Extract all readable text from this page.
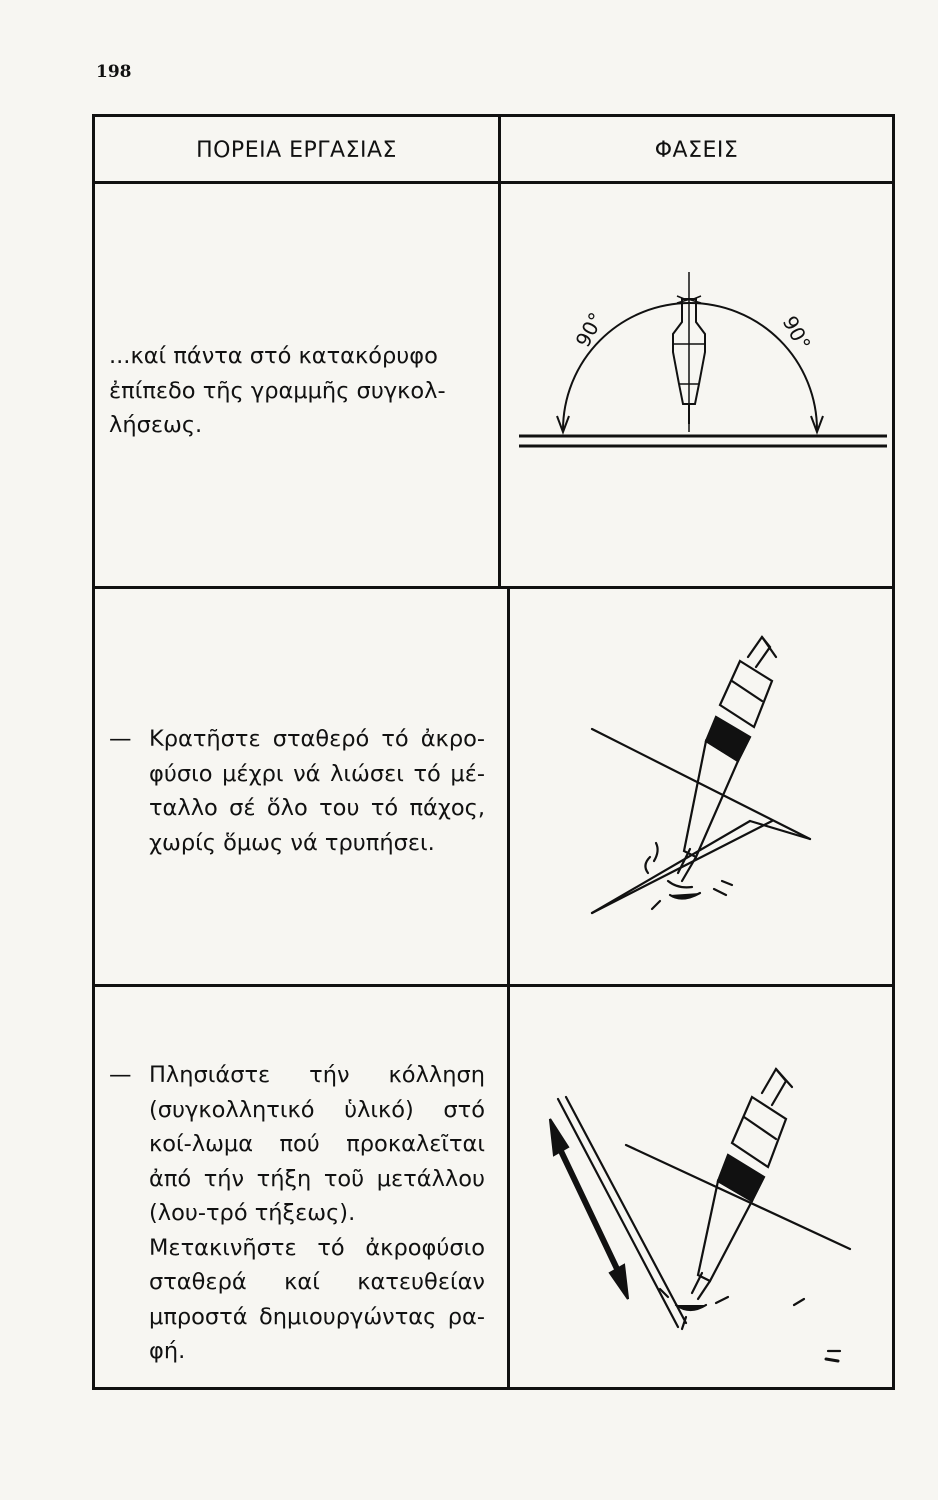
198
ΠΟΡΕΙΑ ΕΡΓΑΣΙΑΣ	ΦΑΣΕΙΣ
...καί πάντα στό κατακόρυφο
ἐπίπεδο τῆς γραμμῆς συγκολ-
λήσεως.

— Κρατῆστε σταθερό τό ἀκρο-φύσιο μέχρι νά λιώσει τό μέ-ταλλο σέ ὅλο του τό πάχος, χωρίς ὅμως νά τρυπήσει.

— Πλησιάστε τήν κόλληση (συγκολλητικό ὑλικό) στό κοί-λωμα πού προκαλεῖται ἀπό τήν τήξη τοῦ μετάλλου (λου-τρό τήξεως).

Μετακινῆστε τό ἀκροφύσιο σταθερά καί κατευθείαν μπροστά δημιουργώντας ρα-φή.

90°	90°
